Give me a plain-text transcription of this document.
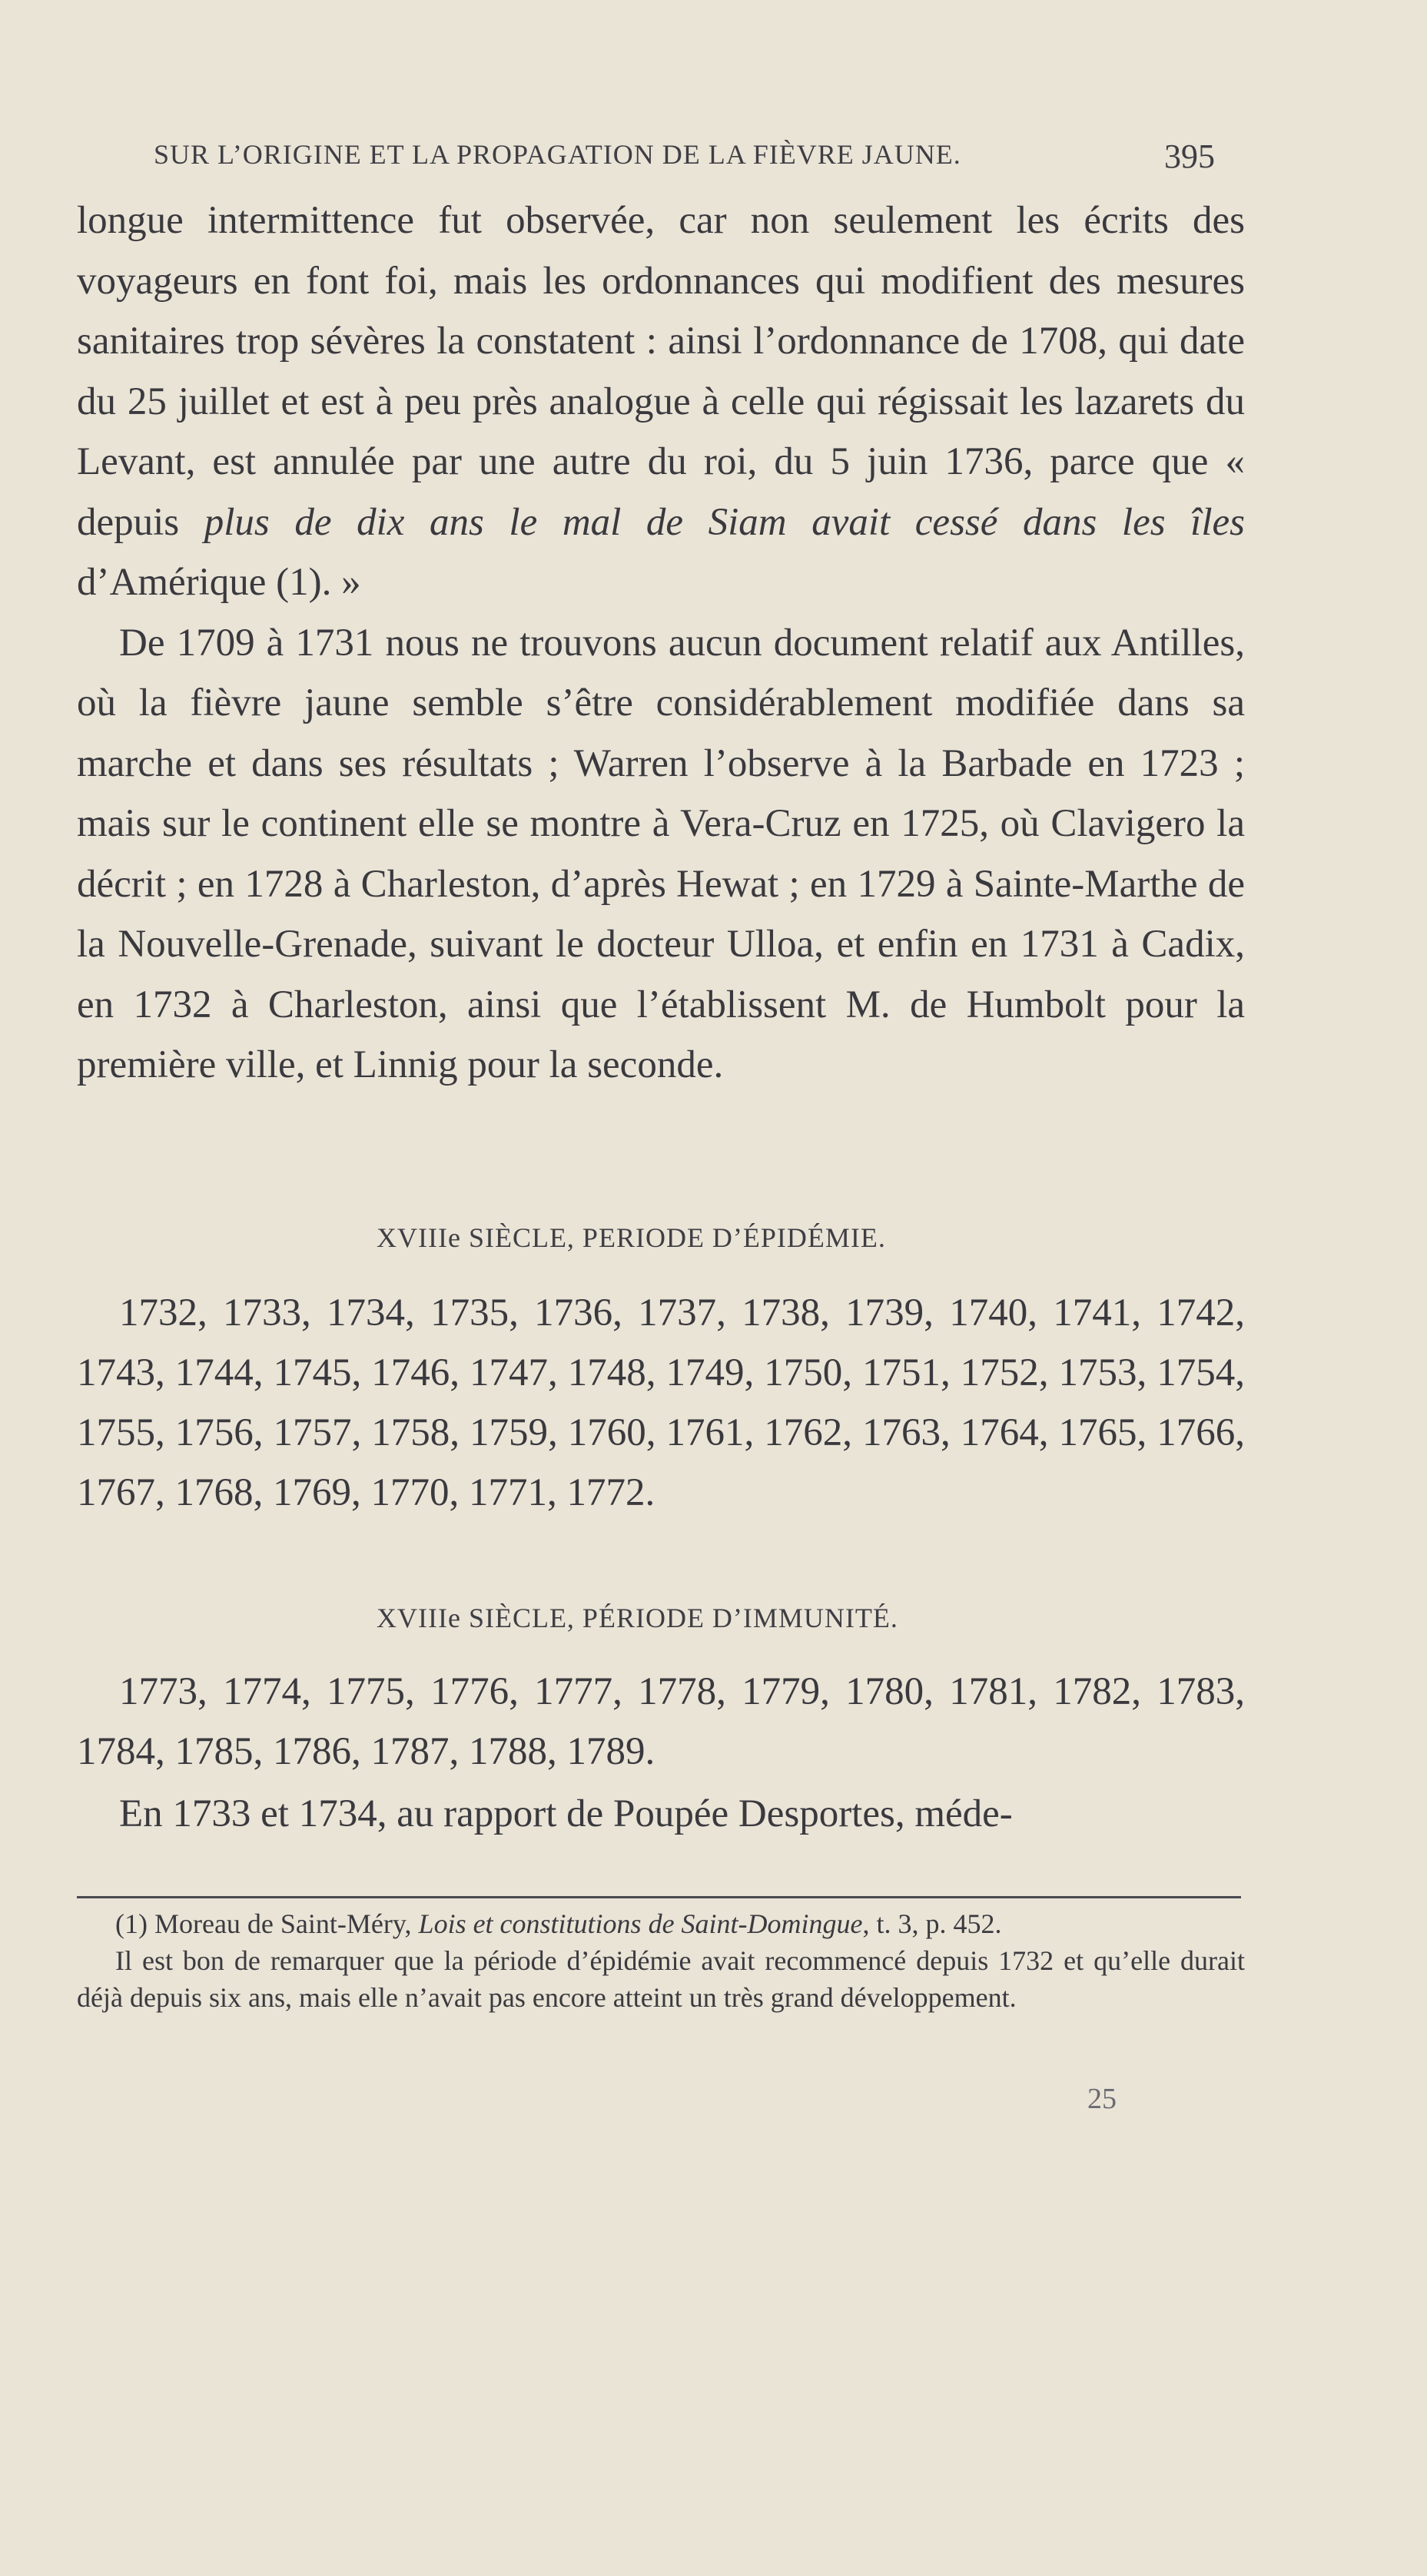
SUR L’ORIGINE ET LA PROPAGATION DE LA FIÈVRE JAUNE.	395

longue intermittence fut observée, car non seulement les écrits des voyageurs en font foi, mais les ordonnances qui modifient des mesures sanitaires trop sévères la constatent : ainsi l’ordonnance de 1708, qui date du 25 juillet et est à peu près analogue à celle qui régissait les lazarets du Levant, est annulée par une autre du roi, du 5 juin 1736, parce que « depuis plus de dix ans le mal de Siam avait cessé dans les îles d’Amérique (1). »

De 1709 à 1731 nous ne trouvons aucun document relatif aux Antilles, où la fièvre jaune semble s’être considérablement modifiée dans sa marche et dans ses résultats ; Warren l’observe à la Barbade en 1723 ; mais sur le continent elle se montre à Vera-Cruz en 1725, où Clavigero la décrit ; en 1728 à Charleston, d’après Hewat ; en 1729 à Sainte-Marthe de la Nouvelle-Grenade, suivant le docteur Ulloa, et enfin en 1731 à Cadix, en 1732 à Charleston, ainsi que l’établissent M. de Humbolt pour la première ville, et Linnig pour la seconde.

XVIIIe SIÈCLE, PERIODE D’ÉPIDÉMIE.
1732, 1733, 1734, 1735, 1736, 1737, 1738, 1739, 1740, 1741, 1742, 1743, 1744, 1745, 1746, 1747, 1748, 1749, 1750, 1751, 1752, 1753, 1754, 1755, 1756, 1757, 1758, 1759, 1760, 1761, 1762, 1763, 1764, 1765, 1766, 1767, 1768, 1769, 1770, 1771, 1772.
XVIIIe SIÈCLE, PÉRIODE D’IMMUNITÉ.
1773, 1774, 1775, 1776, 1777, 1778, 1779, 1780, 1781, 1782, 1783, 1784, 1785, 1786, 1787, 1788, 1789.
En 1733 et 1734, au rapport de Poupée Desportes, méde-

(1) Moreau de Saint-Méry, Lois et constitutions de Saint-Domingue, t. 3, p. 452.

Il est bon de remarquer que la période d’épidémie avait recommencé depuis 1732 et qu’elle durait déjà depuis six ans, mais elle n’avait pas encore atteint un très grand développement.

25
